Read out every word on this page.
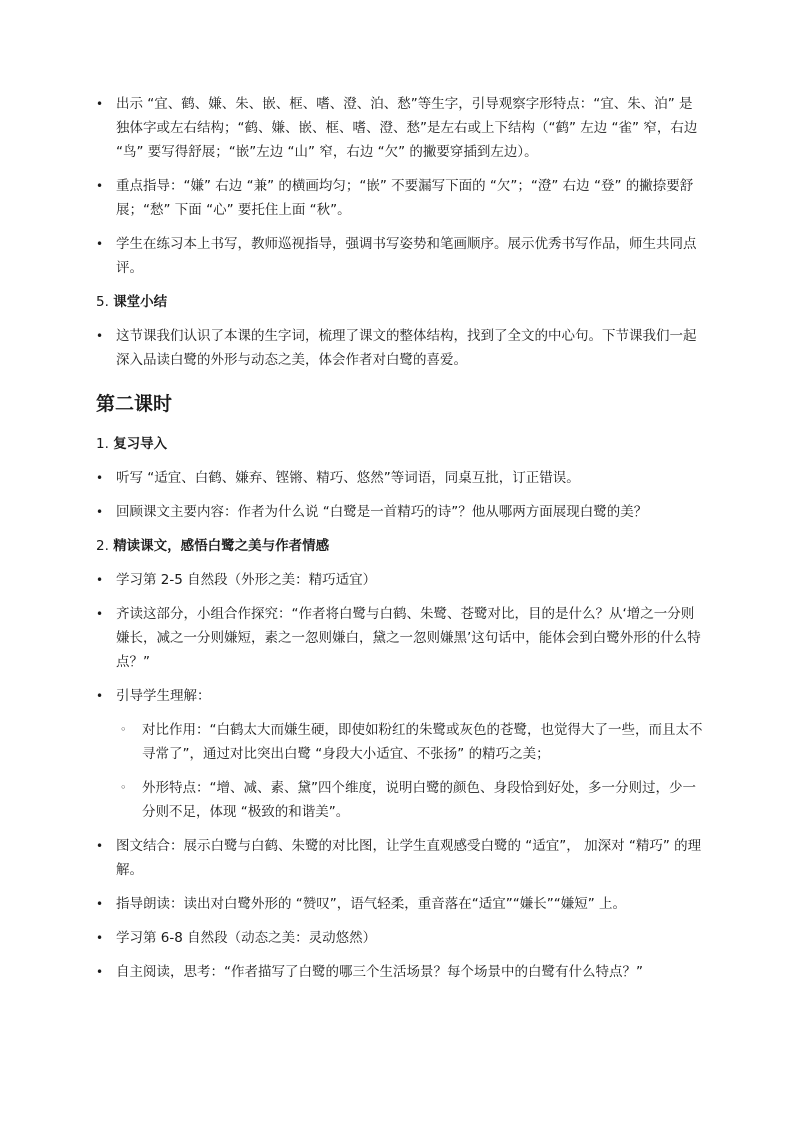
• 出示 “宜、鹤、嫌、朱、嵌、框、嗜、澄、泊、愁”等生字，引导观察字形特点：“宜、朱、泊” 是独体字或左右结构；“鹤、嫌、嵌、框、嗜、澄、愁”是左右或上下结构（“鹤” 左边 “雀” 窄，右边 “鸟” 要写得舒展；“嵌”左边 “山” 窄，右边 “欠” 的撇要穿插到左边）。
• 重点指导：“嫌” 右边 “兼” 的横画均匀；“嵌” 不要漏写下面的 “欠”；“澄” 右边 “登” 的撇捺要舒展；“愁” 下面 “心” 要托住上面 “秋”。
• 学生在练习本上书写，教师巡视指导，强调书写姿势和笔画顺序。展示优秀书写作品，师生共同点评。
5. 课堂小结
• 这节课我们认识了本课的生字词，梳理了课文的整体结构，找到了全文的中心句。下节课我们一起深入品读白鹭的外形与动态之美，体会作者对白鹭的喜爱。
第二课时
1. 复习导入
• 听写 “适宜、白鹤、嫌弃、铿锵、精巧、悠然”等词语，同桌互批，订正错误。
• 回顾课文主要内容：作者为什么说 “白鹭是一首精巧的诗”？他从哪两方面展现白鹭的美？
2. 精读课文，感悟白鹭之美与作者情感
• 学习第 2-5 自然段（外形之美：精巧适宜）
• 齐读这部分，小组合作探究：“作者将白鹭与白鹤、朱鹭、苍鹭对比，目的是什么？从‘增之一分则嫌长，减之一分则嫌短，素之一忽则嫌白，黛之一忽则嫌黑’这句话中，能体会到白鹭外形的什么特点？”
• 引导学生理解：
◦ 对比作用：“白鹤太大而嫌生硬，即使如粉红的朱鹭或灰色的苍鹭，也觉得大了一些，而且太不寻常了”，通过对比突出白鹭 “身段大小适宜、不张扬” 的精巧之美；
◦ 外形特点：“增、减、素、黛”四个维度，说明白鹭的颜色、身段恰到好处，多一分则过，少一分则不足，体现 “极致的和谐美”。
• 图文结合：展示白鹭与白鹤、朱鹭的对比图，让学生直观感受白鹭的 “适宜”， 加深对 “精巧” 的理解。
• 指导朗读：读出对白鹭外形的 “赞叹”，语气轻柔，重音落在“适宜”“嫌长”“嫌短” 上。
• 学习第 6-8 自然段（动态之美：灵动悠然）
• 自主阅读，思考：“作者描写了白鹭的哪三个生活场景？每个场景中的白鹭有什么特点？”
